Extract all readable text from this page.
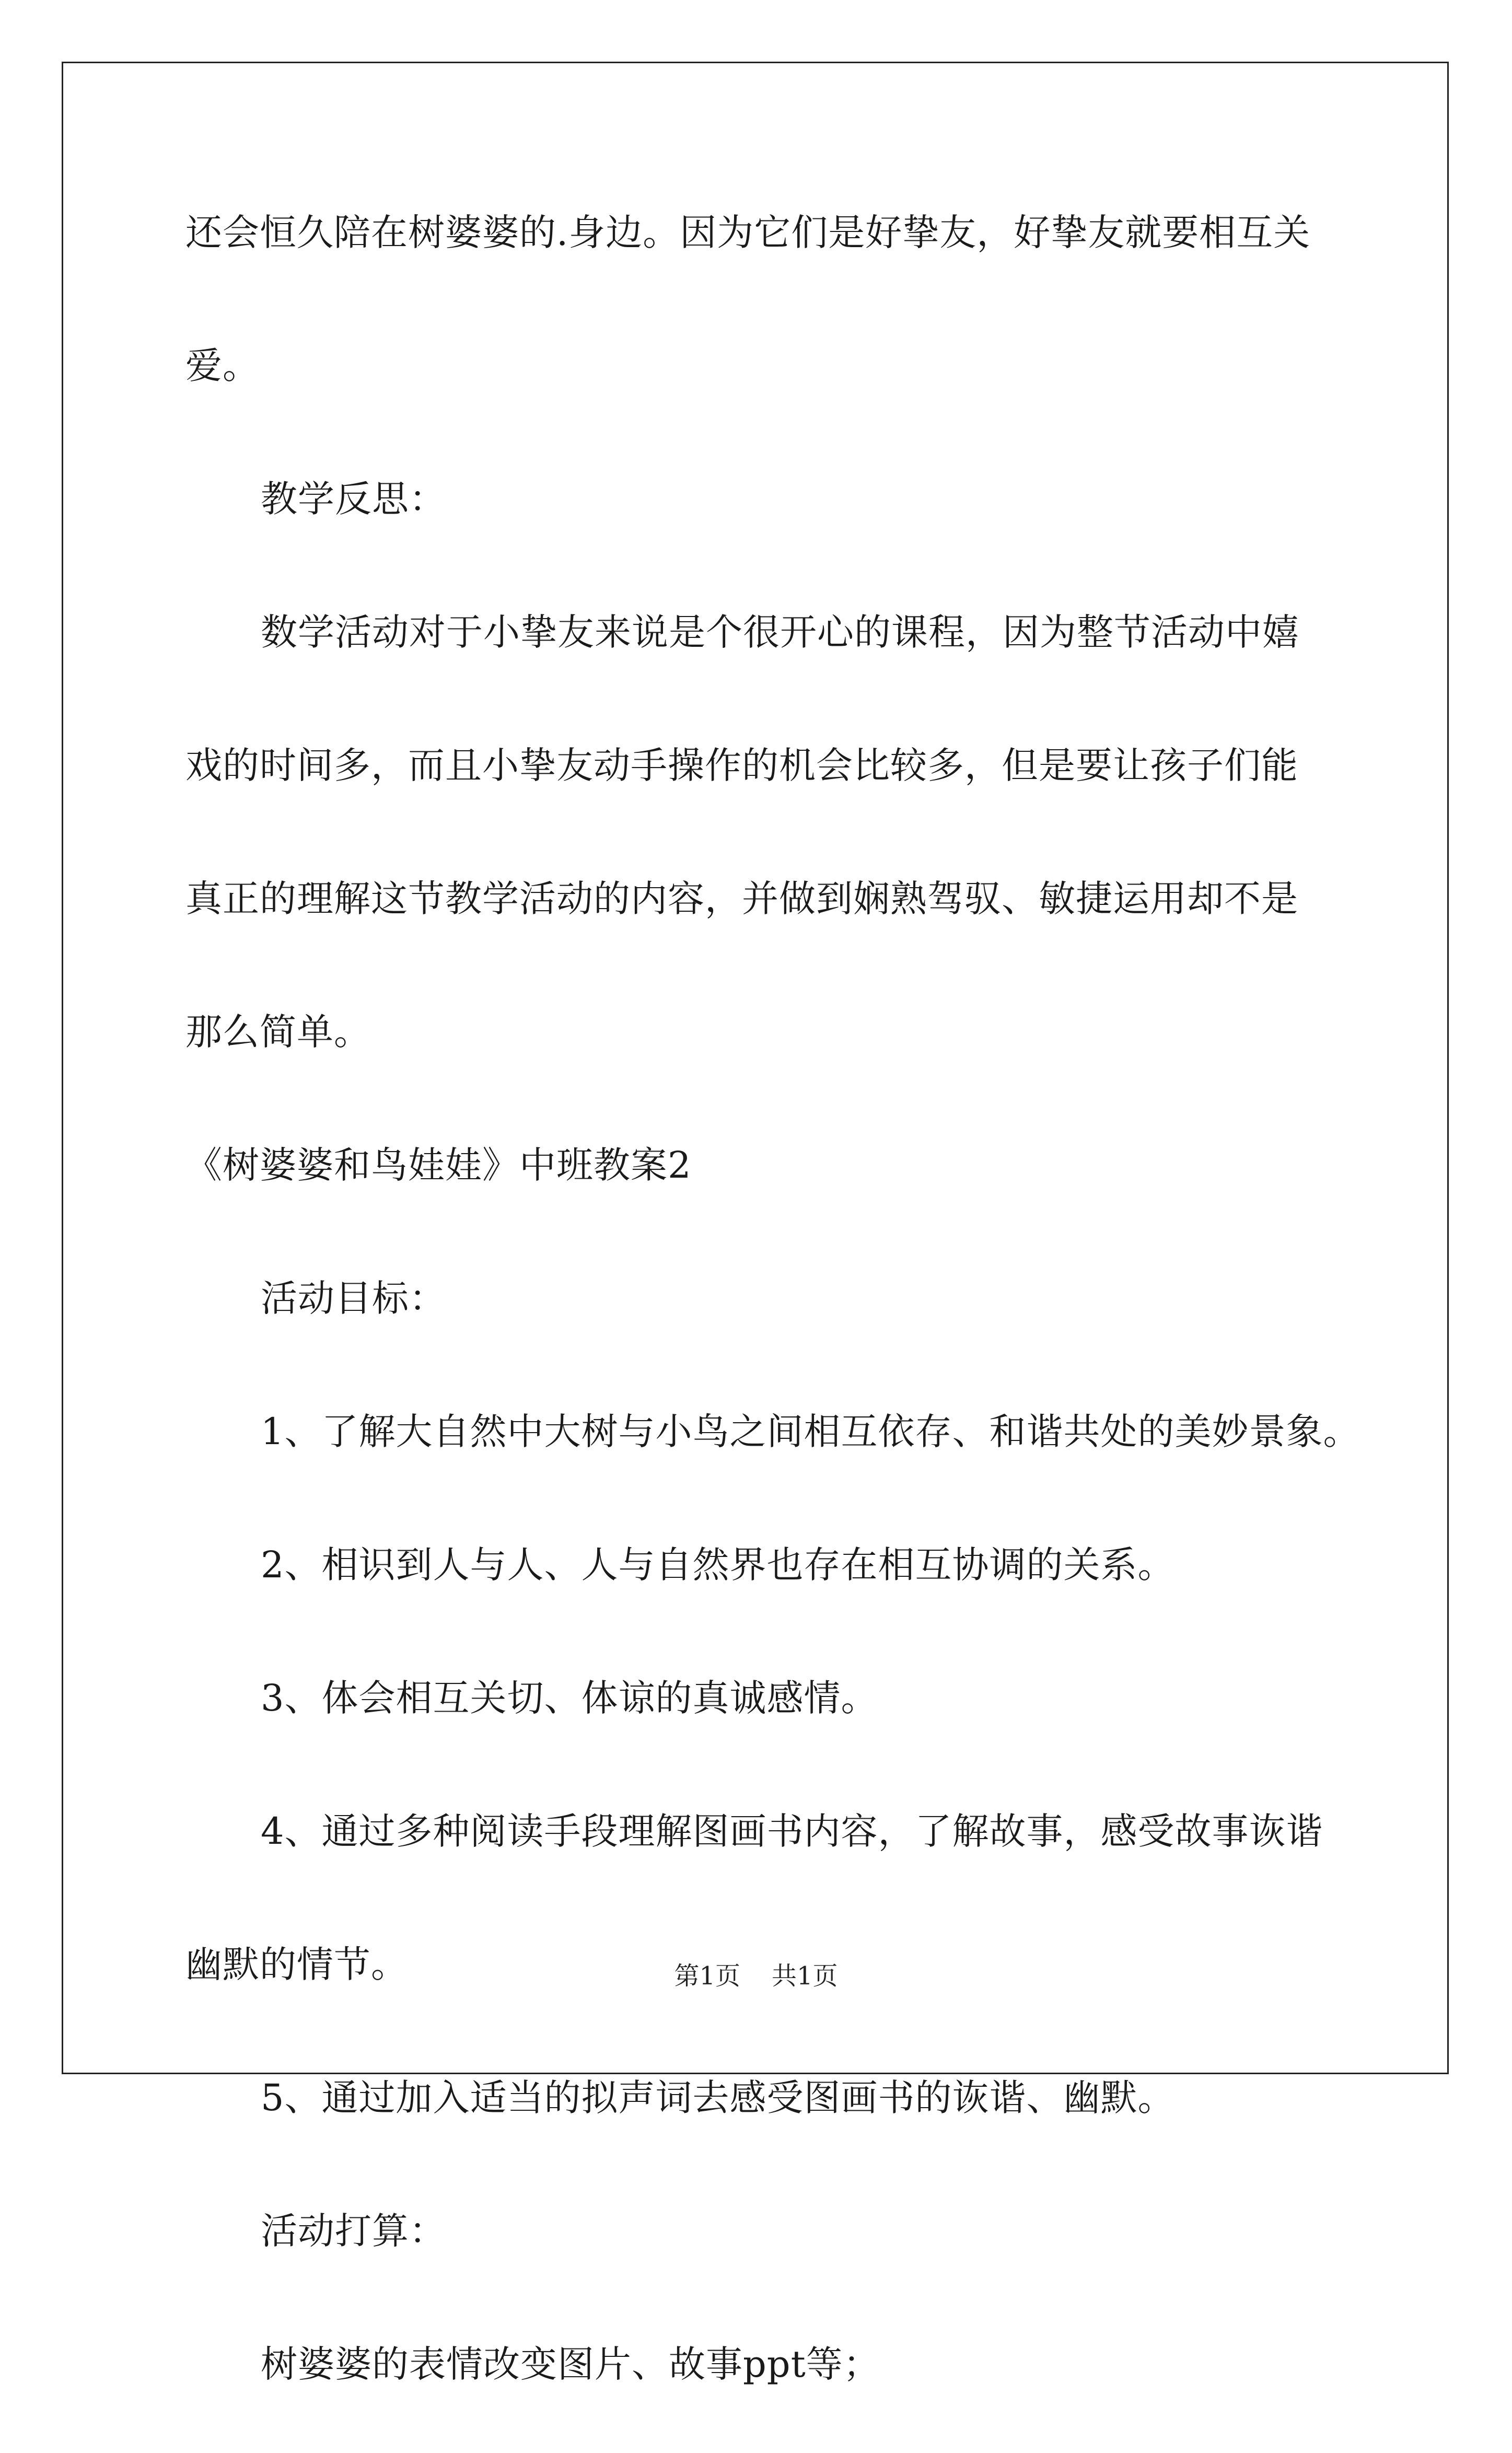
还会恒久陪在树婆婆的.身边。因为它们是好挚友，好挚友就要相互关
爱。
教学反思：
数学活动对于小挚友来说是个很开心的课程，因为整节活动中嬉
戏的时间多，而且小挚友动手操作的机会比较多，但是要让孩子们能
真正的理解这节教学活动的内容，并做到娴熟驾驭、敏捷运用却不是
那么简单。
《树婆婆和鸟娃娃》中班教案2
活动目标：
1、了解大自然中大树与小鸟之间相互依存、和谐共处的美妙景象。
2、相识到人与人、人与自然界也存在相互协调的关系。
3、体会相互关切、体谅的真诚感情。
4、通过多种阅读手段理解图画书内容，了解故事，感受故事诙谐
幽默的情节。
5、通过加入适当的拟声词去感受图画书的诙谐、幽默。
活动打算：
树婆婆的表情改变图片、故事ppt等；
第1页 共1页
